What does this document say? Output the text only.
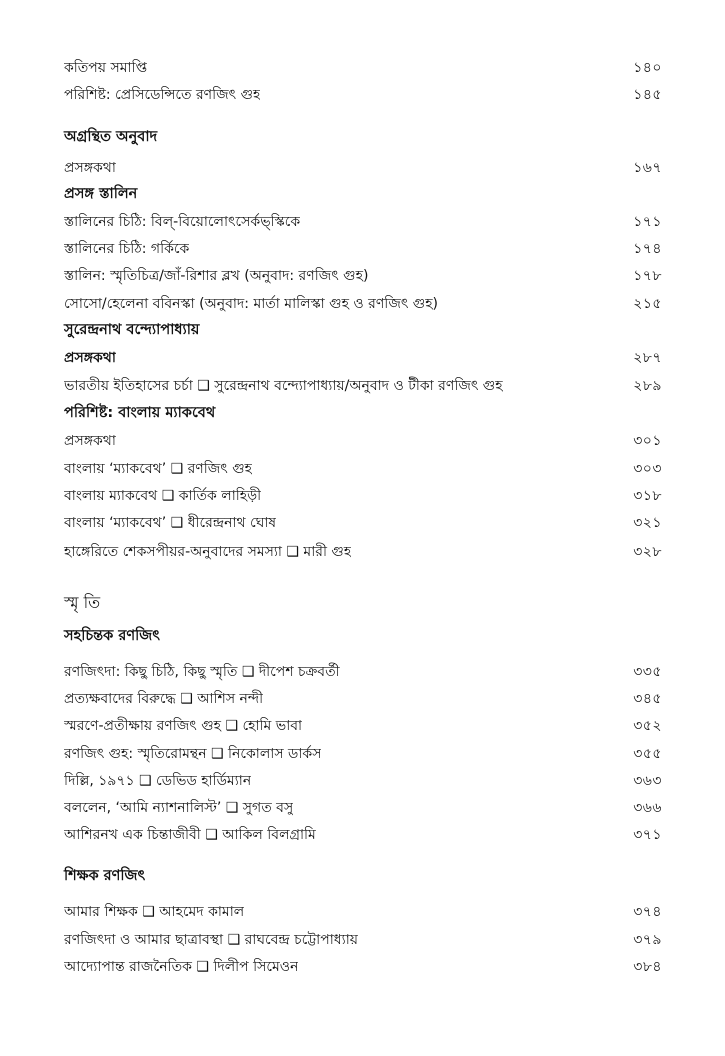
কতিপয় সমাপ্তি	১৪০
পরিশিষ্ট: প্রেসিডেন্সিতে রণজিৎ গুহ	১৪৫
অগ্রন্থিত অনুবাদ
প্রসঙ্গকথা	১৬৭
প্রসঙ্গ স্তালিন
স্তালিনের চিঠি: বিল্‌-বিয়োলোৎসের্কভ্‌স্কিকে	১৭১
স্তালিনের চিঠি: গর্কিকে	১৭৪
স্তালিন: স্মৃতিচিত্র/জাঁ-রিশার ব্লখ (অনুবাদ: রণজিৎ গুহ)	১৭৮
সোসো/হেলেনা ববিনস্কা (অনুবাদ: মার্তা মালিস্কা গুহ ও রণজিৎ গুহ)	২১৫
সুরেন্দ্রনাথ বন্দ্যোপাধ্যায়
প্রসঙ্গকথা	২৮৭
ভারতীয় ইতিহাসের চর্চা ❑ সুরেন্দ্রনাথ বন্দ্যোপাধ্যায়/অনুবাদ ও টীকা রণজিৎ গুহ	২৮৯
পরিশিষ্ট: বাংলায় ম্যাকবেথ
প্রসঙ্গকথা	৩০১
বাংলায় ‘ম্যাকবেথ’ ❑ রণজিৎ গুহ	৩০৩
বাংলায় ম্যাকবেথ ❑ কার্তিক লাহিড়ী	৩১৮
বাংলায় ‘ম্যাকবেথ’ ❑ ধীরেন্দ্রনাথ ঘোষ	৩২১
হাঙ্গেরিতে শেকসপীয়র-অনুবাদের সমস্যা ❑ মারী গুহ	৩২৮
স্মৃ তি
সহচিন্তক রণজিৎ
রণজিৎদা: কিছু চিঠি, কিছু স্মৃতি ❑ দীপেশ চক্রবর্তী	৩৩৫
প্রত্যক্ষবাদের বিরুদ্ধে ❑ আশিস নন্দী	৩৪৫
স্মরণে-প্রতীক্ষায় রণজিৎ গুহ ❑ হোমি ভাবা	৩৫২
রণজিৎ গুহ: স্মৃতিরোমন্থন ❑ নিকোলাস ডার্কস	৩৫৫
দিল্লি, ১৯৭১ ❑ ডেভিড হার্ডিম্যান	৩৬৩
বললেন, ‘আমি ন্যাশনালিস্ট’ ❑ সুগত বসু	৩৬৬
আশিরনখ এক চিন্তাজীবী ❑ আকিল বিলগ্রামি	৩৭১
শিক্ষক রণজিৎ
আমার শিক্ষক ❑ আহমেদ কামাল	৩৭৪
রণজিৎদা ও আমার ছাত্রাবস্থা ❑ রাঘবেন্দ্র চট্টোপাধ্যায়	৩৭৯
আদ্যোপান্ত রাজনৈতিক ❑ দিলীপ সিমেওন	৩৮৪
